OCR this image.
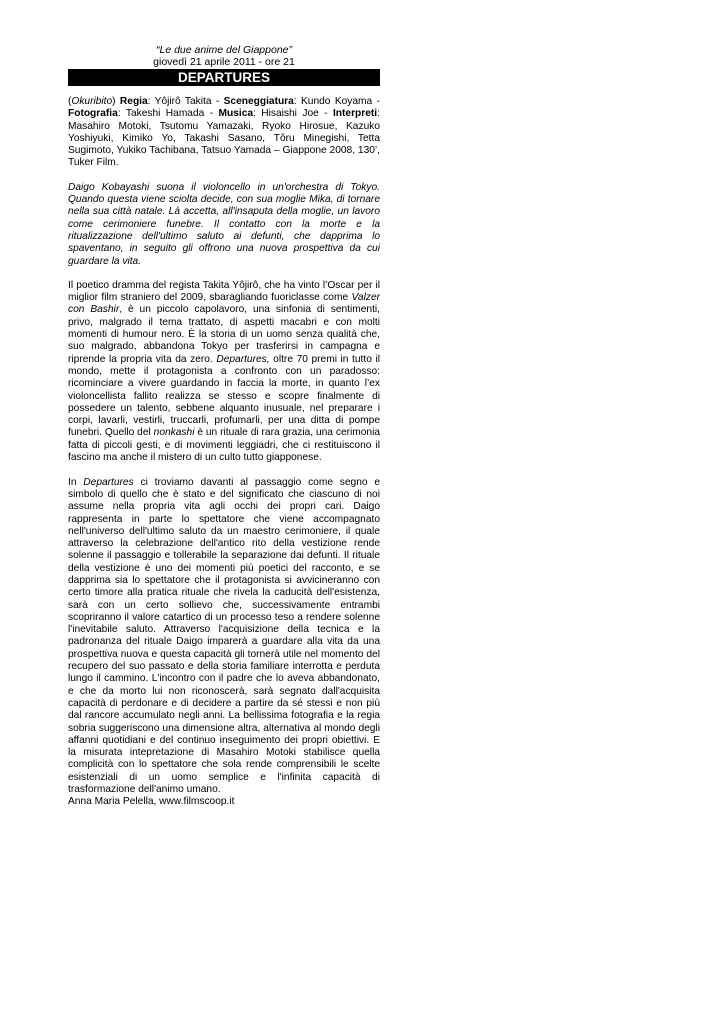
“Le due anime del Giappone”
giovedì 21 aprile 2011 - ore 21
DEPARTURES

(Okuribito) Regia: Yôjirô Takita - Sceneggiatura: Kundo Koyama - Fotografia: Takeshi Hamada - Musica: Hisaishi Joe - Interpreti: Masahiro Motoki, Tsutomu Yamazaki, Ryoko Hirosue, Kazuko Yoshiyuki, Kimiko Yo, Takashi Sasano, Tôru Minegishi, Tetta Sugimoto, Yukiko Tachibana, Tatsuo Yamada – Giappone 2008, 130’, Tuker Film.

Daigo Kobayashi suona il violoncello in un'orchestra di Tokyo. Quando questa viene sciolta decide, con sua moglie Mika, di tornare nella sua città natale. Là accetta, all'insaputa della moglie, un lavoro come cerimoniere funebre. Il contatto con la morte e la ritualizzazione dell'ultimo saluto ai defunti, che dapprima lo spaventano, in seguito gli offrono una nuova prospettiva da cui guardare la vita.

Il poetico dramma del regista Takita Yôjirô, che ha vinto l’Oscar per il miglior film straniero del 2009, sbaragliando fuoriclasse come Valzer con Bashir, è un piccolo capolavoro, una sinfonia di sentimenti, privo, malgrado il tema trattato, di aspetti macabri e con molti momenti di humour nero. È la storia di un uomo senza qualità che, suo malgrado, abbandona Tokyo per trasferirsi in campagna e riprende la propria vita da zero. Departures, oltre 70 premi in tutto il mondo, mette il protagonista a confronto con un paradosso: ricominciare a vivere guardando in faccia la morte, in quanto l’ex violoncellista fallito realizza se stesso e scopre finalmente di possedere un talento, sebbene alquanto inusuale, nel preparare i corpi, lavarli, vestirli, truccarli, profumarli, per una ditta di pompe funebri. Quello del nonkashi è un rituale di rara grazia, una cerimonia fatta di piccoli gesti, e di movimenti leggiadri, che ci restituiscono il fascino ma anche il mistero di un culto tutto giapponese.

In Departures ci troviamo davanti al passaggio come segno e simbolo di quello che è stato e del significato che ciascuno di noi assume nella propria vita agli occhi dei propri cari. Daigo rappresenta in parte lo spettatore che viene accompagnato nell'universo dell'ultimo saluto da un maestro cerimoniere, il quale attraverso la celebrazione dell'antico rito della vestizione rende solenne il passaggio e tollerabile la separazione dai defunti. Il rituale della vestizione è uno dei momenti più poetici del racconto, e se dapprima sia lo spettatore che il protagonista si avvicineranno con certo timore alla pratica rituale che rivela la caducità dell'esistenza, sarà con un certo sollievo che, successivamente entrambi scopriranno il valore catartico di un processo teso a rendere solenne l'inevitabile saluto. Attraverso l'acquisizione della tecnica e la padronanza del rituale Daigo imparerà a guardare alla vita da una prospettiva nuova e questa capacità gli tornerà utile nel momento del recupero del suo passato e della storia familiare interrotta e perduta lungo il cammino. L'incontro con il padre che lo aveva abbandonato, e che da morto lui non riconoscerà, sarà segnato dall'acquisita capacità di perdonare e di decidere a partire da sé stessi e non più dal rancore accumulato negli anni. La bellissima fotografia e la regia sobria suggeriscono una dimensione altra, alternativa al mondo degli affanni quotidiani e del continuo inseguimento dei propri obiettivi. E la misurata intepretazione di Masahiro Motoki stabilisce quella complicità con lo spettatore che sola rende comprensibili le scelte esistenziali di un uomo semplice e l'infinita capacità di trasformazione dell'animo umano.

Anna Maria Pelella, www.filmscoop.it
